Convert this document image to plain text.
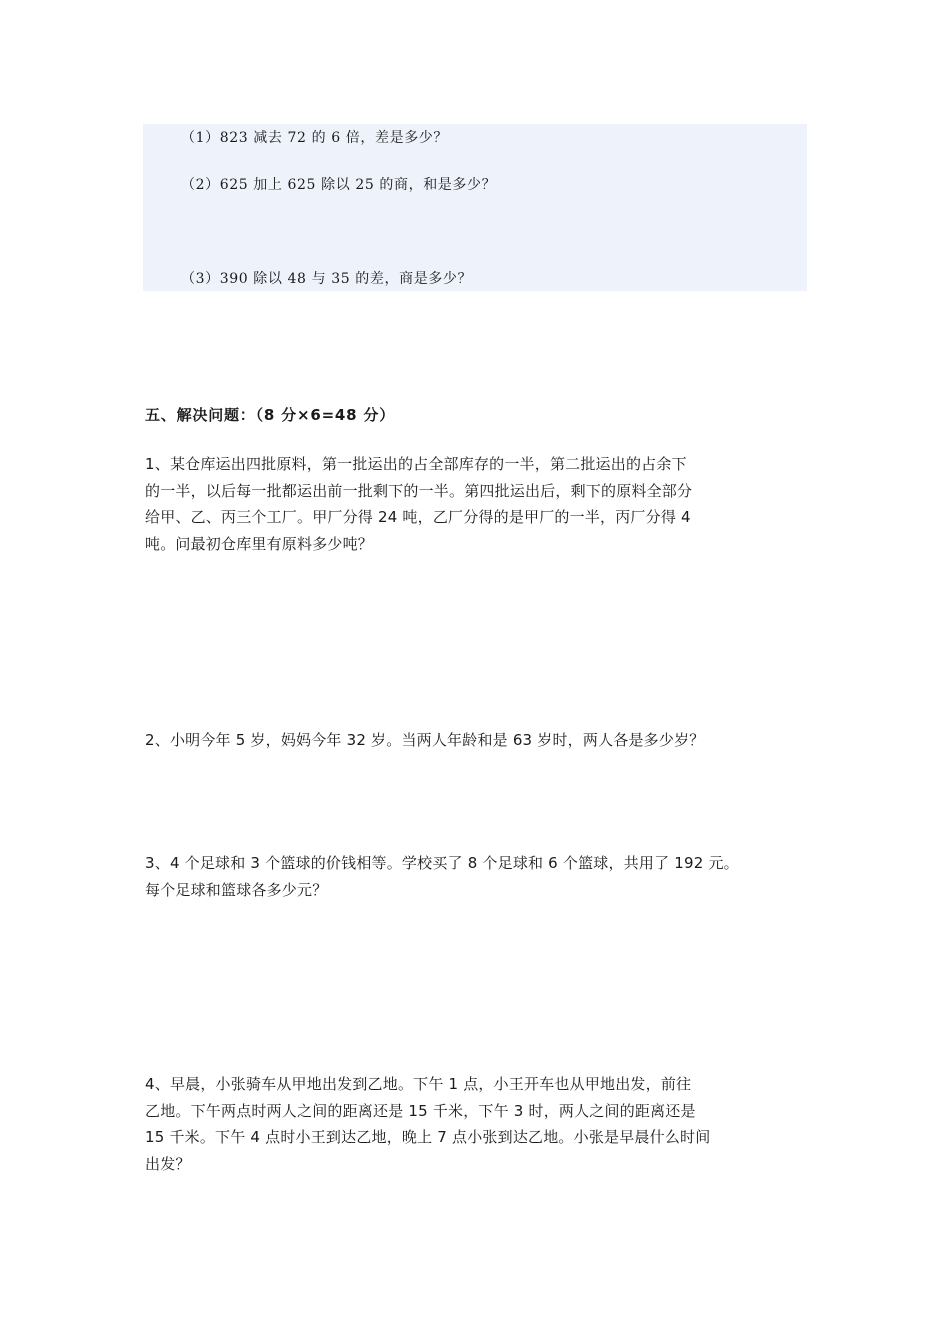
（1）823 减去 72 的 6 倍，差是多少？
（2）625 加上 625 除以 25 的商，和是多少？
（3）390 除以 48 与 35 的差，商是多少？
五、解决问题：（8 分×6=48 分）
1、某仓库运出四批原料，第一批运出的占全部库存的一半，第二批运出的占余下
的一半，以后每一批都运出前一批剩下的一半。第四批运出后，剩下的原料全部分
给甲、乙、丙三个工厂。甲厂分得 24 吨，乙厂分得的是甲厂的一半，丙厂分得 4
吨。问最初仓库里有原料多少吨？
2、小明今年 5 岁，妈妈今年 32 岁。当两人年龄和是 63 岁时，两人各是多少岁？
3、4 个足球和 3 个篮球的价钱相等。学校买了 8 个足球和 6 个篮球，共用了 192 元。
每个足球和篮球各多少元？
4、早晨，小张骑车从甲地出发到乙地。下午 1 点，小王开车也从甲地出发，前往
乙地。下午两点时两人之间的距离还是 15 千米，下午 3 时，两人之间的距离还是
15 千米。下午 4 点时小王到达乙地，晚上 7 点小张到达乙地。小张是早晨什么时间
出发？
